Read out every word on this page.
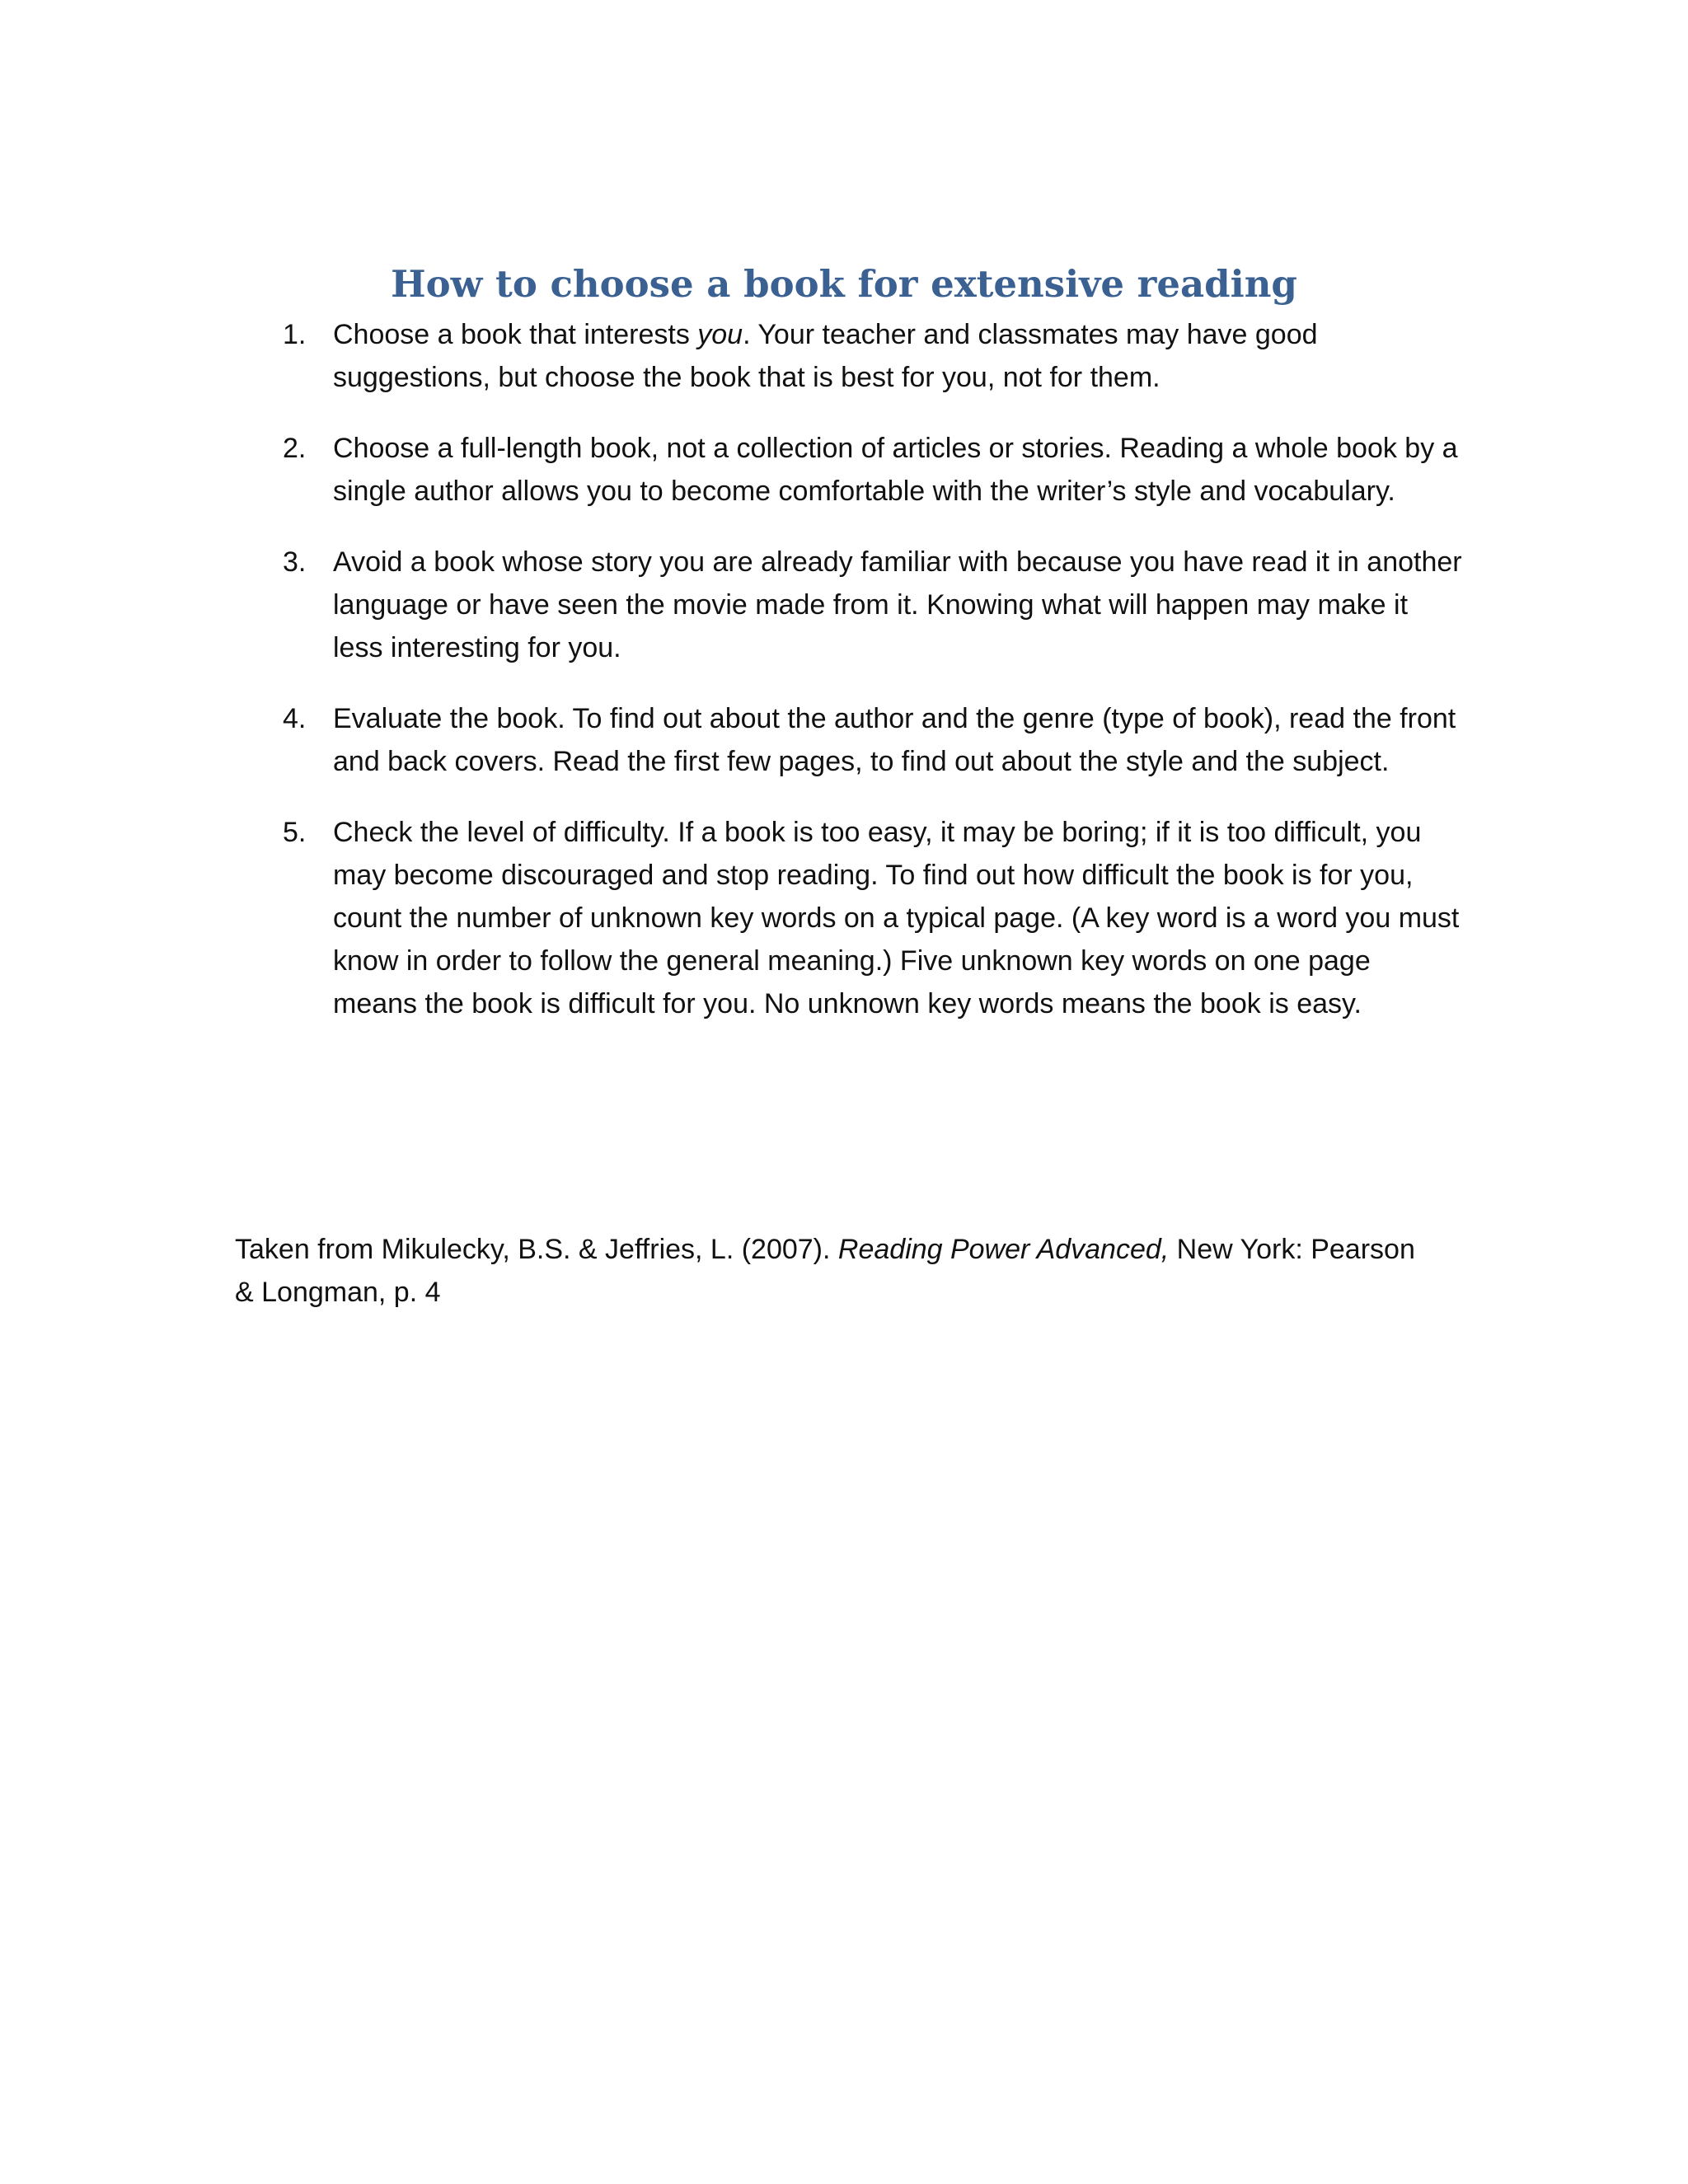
How to choose a book for extensive reading
1. Choose a book that interests you. Your teacher and classmates may have good suggestions, but choose the book that is best for you, not for them.
2. Choose a full-length book, not a collection of articles or stories. Reading a whole book by a single author allows you to become comfortable with the writer’s style and vocabulary.
3. Avoid a book whose story you are already familiar with because you have read it in another language or have seen the movie made from it. Knowing what will happen may make it less interesting for you.
4. Evaluate the book. To find out about the author and the genre (type of book), read the front and back covers. Read the first few pages, to find out about the style and the subject.
5. Check the level of difficulty. If a book is too easy, it may be boring; if it is too difficult, you may become discouraged and stop reading. To find out how difficult the book is for you, count the number of unknown key words on a typical page. (A key word is a word you must know in order to follow the general meaning.) Five unknown key words on one page means the book is difficult for you. No unknown key words means the book is easy.

Taken from Mikulecky, B.S. & Jeffries, L. (2007). Reading Power Advanced, New York: Pearson & Longman, p. 4
